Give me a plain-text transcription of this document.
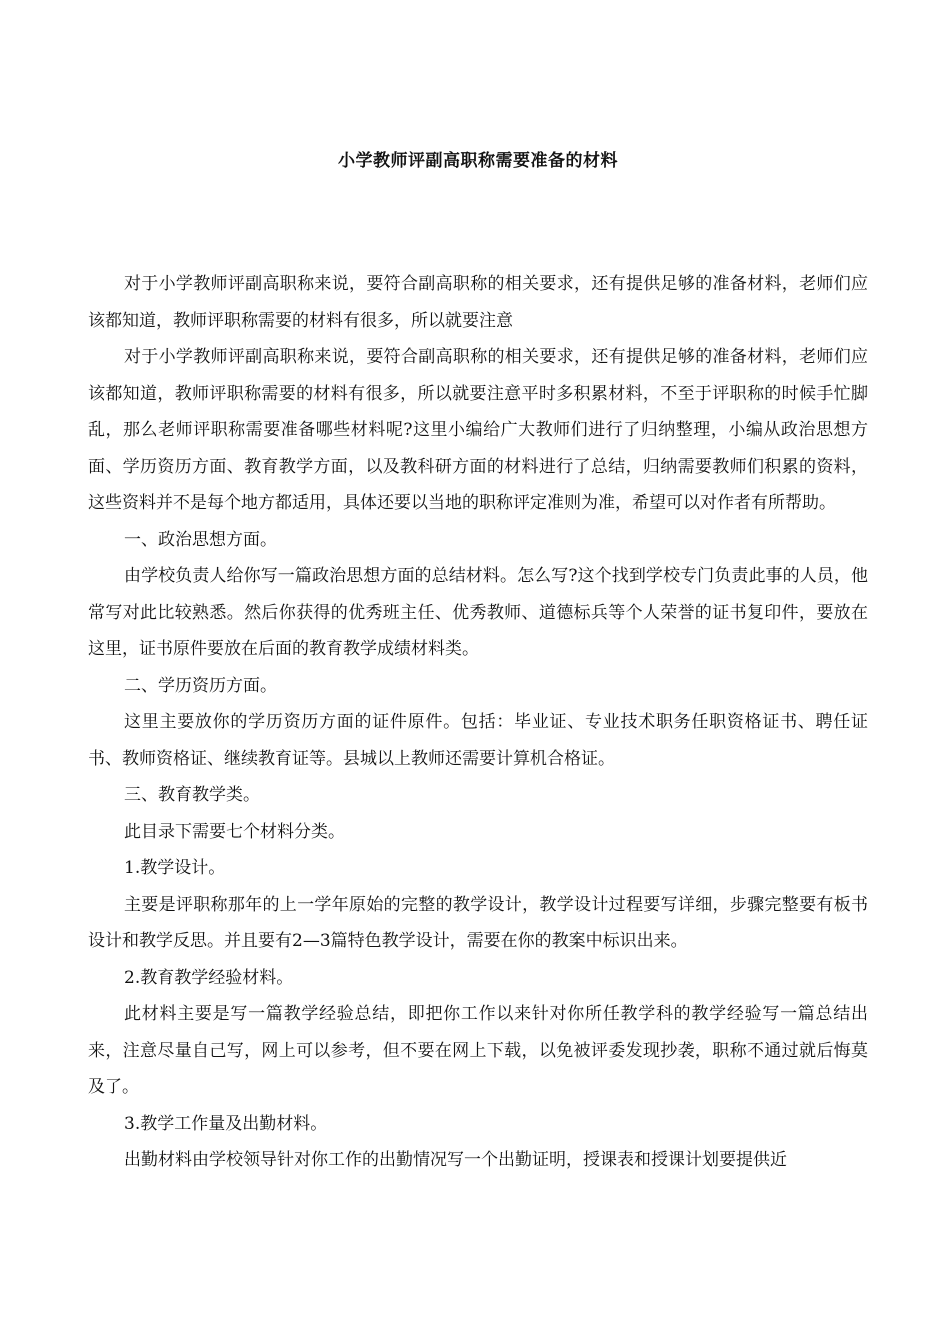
小学教师评副高职称需要准备的材料

对于小学教师评副高职称来说，要符合副高职称的相关要求，还有提供足够的准备材料，老师们应该都知道，教师评职称需要的材料有很多，所以就要注意

对于小学教师评副高职称来说，要符合副高职称的相关要求，还有提供足够的准备材料，老师们应该都知道，教师评职称需要的材料有很多，所以就要注意平时多积累材料，不至于评职称的时候手忙脚乱，那么老师评职称需要准备哪些材料呢?这里小编给广大教师们进行了归纳整理，小编从政治思想方面、学历资历方面、教育教学方面，以及教科研方面的材料进行了总结，归纳需要教师们积累的资料，这些资料并不是每个地方都适用，具体还要以当地的职称评定准则为准，希望可以对作者有所帮助。

一、政治思想方面。

由学校负责人给你写一篇政治思想方面的总结材料。怎么写?这个找到学校专门负责此事的人员，他常写对此比较熟悉。然后你获得的优秀班主任、优秀教师、道德标兵等个人荣誉的证书复印件，要放在这里，证书原件要放在后面的教育教学成绩材料类。

二、学历资历方面。

这里主要放你的学历资历方面的证件原件。包括：毕业证、专业技术职务任职资格证书、聘任证书、教师资格证、继续教育证等。县城以上教师还需要计算机合格证。

三、教育教学类。

此目录下需要七个材料分类。

1.教学设计。

主要是评职称那年的上一学年原始的完整的教学设计，教学设计过程要写详细，步骤完整要有板书设计和教学反思。并且要有2—3篇特色教学设计，需要在你的教案中标识出来。

2.教育教学经验材料。

此材料主要是写一篇教学经验总结，即把你工作以来针对你所任教学科的教学经验写一篇总结出来，注意尽量自己写，网上可以参考，但不要在网上下载，以免被评委发现抄袭，职称不通过就后悔莫及了。

3.教学工作量及出勤材料。

出勤材料由学校领导针对你工作的出勤情况写一个出勤证明，授课表和授课计划要提供近
